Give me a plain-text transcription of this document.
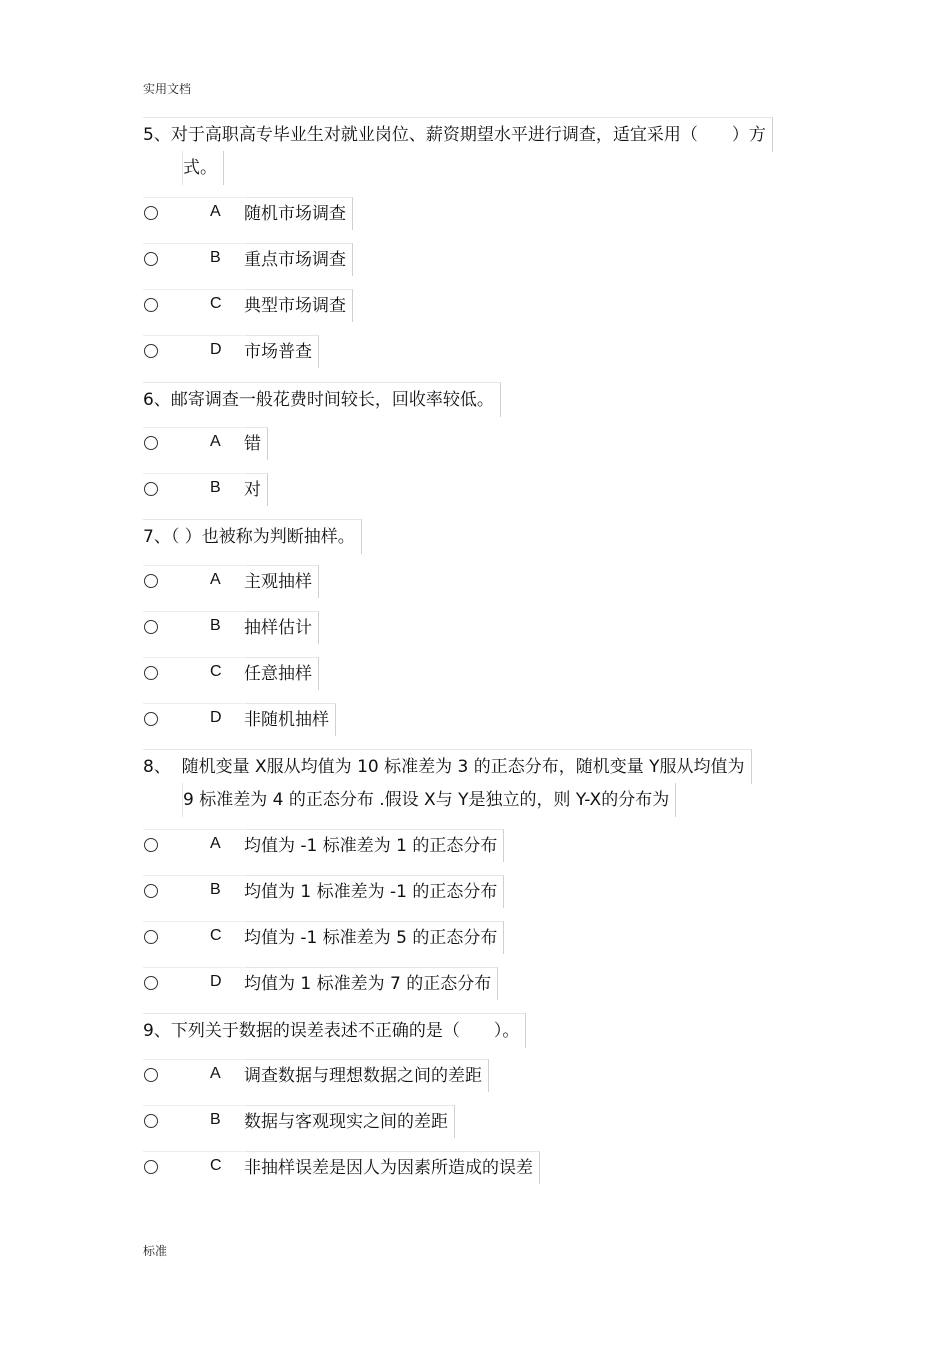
实用文档
5、对于高职高专毕业生对就业岗位、薪资期望水平进行调查，适宜采用（　　）方
式。
A 随机市场调查
B 重点市场调查
C 典型市场调查
D 市场普查
6、邮寄调查一般花费时间较长，回收率较低。
A 错
B 对
7、（ ）也被称为判断抽样。
A 主观抽样
B 抽样估计
C 任意抽样
D 非随机抽样
8、  随机变量 X服从均值为 10 标准差为 3 的正态分布，随机变量 Y服从均值为
9 标准差为 4 的正态分布 .假设 X与 Y是独立的，则 Y-X的分布为
A 均值为 -1 标准差为 1 的正态分布
B 均值为 1 标准差为 -1 的正态分布
C 均值为 -1 标准差为 5 的正态分布
D 均值为 1 标准差为 7 的正态分布
9、下列关于数据的误差表述不正确的是（　　）。
A 调查数据与理想数据之间的差距
B 数据与客观现实之间的差距
C 非抽样误差是因人为因素所造成的误差
标准
